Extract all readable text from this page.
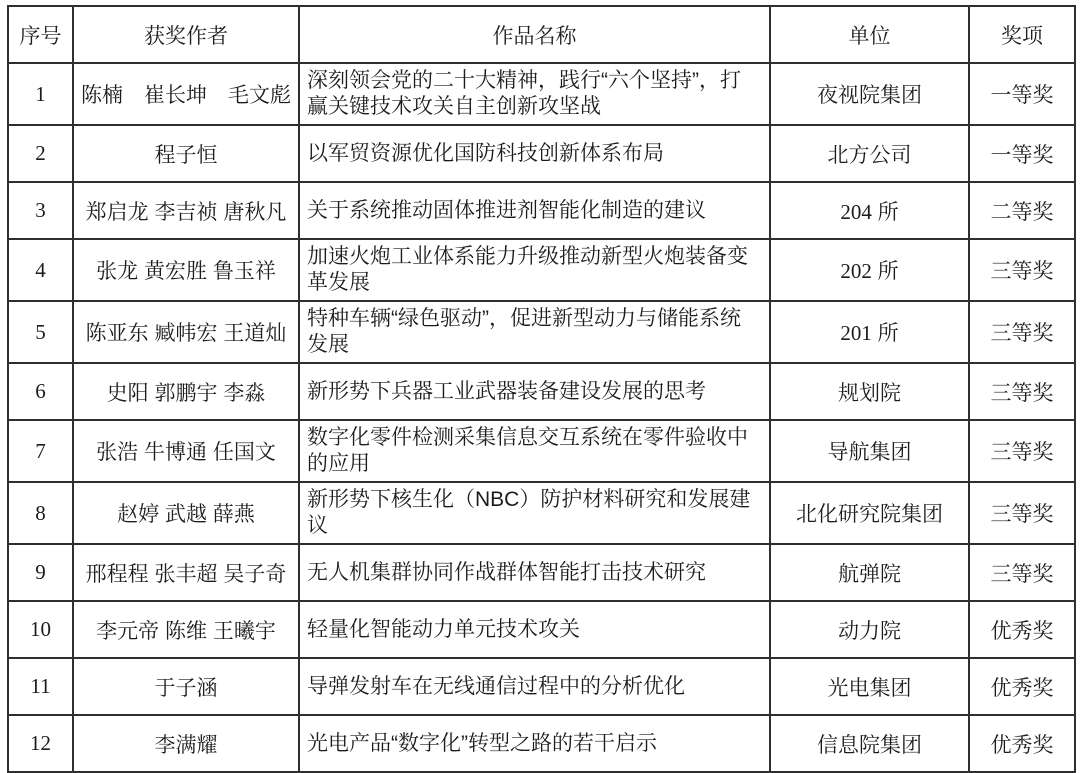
序号	获奖作者	作品名称	单位	奖项
1	陈楠　崔长坤　毛文彪	深刻领会党的二十大精神，践行“六个坚持”，打赢关键技术攻关自主创新攻坚战	夜视院集团	一等奖
2	程子恒	以军贸资源优化国防科技创新体系布局	北方公司	一等奖
3	郑启龙 李吉祯 唐秋凡	关于系统推动固体推进剂智能化制造的建议	204 所	二等奖
4	张龙 黄宏胜 鲁玉祥	加速火炮工业体系能力升级推动新型火炮装备变革发展	202 所	三等奖
5	陈亚东 臧帏宏 王道灿	特种车辆“绿色驱动”，促进新型动力与储能系统发展	201 所	三等奖
6	史阳 郭鹏宇 李淼	新形势下兵器工业武器装备建设发展的思考	规划院	三等奖
7	张浩 牛博通 任国文	数字化零件检测采集信息交互系统在零件验收中的应用	导航集团	三等奖
8	赵婷 武越 薛燕	新形势下核生化（NBC）防护材料研究和发展建议	北化研究院集团	三等奖
9	邢程程 张丰超 吴子奇	无人机集群协同作战群体智能打击技术研究	航弹院	三等奖
10	李元帝 陈维 王曦宇	轻量化智能动力单元技术攻关	动力院	优秀奖
11	于子涵	导弹发射车在无线通信过程中的分析优化	光电集团	优秀奖
12	李满耀	光电产品“数字化”转型之路的若干启示	信息院集团	优秀奖
